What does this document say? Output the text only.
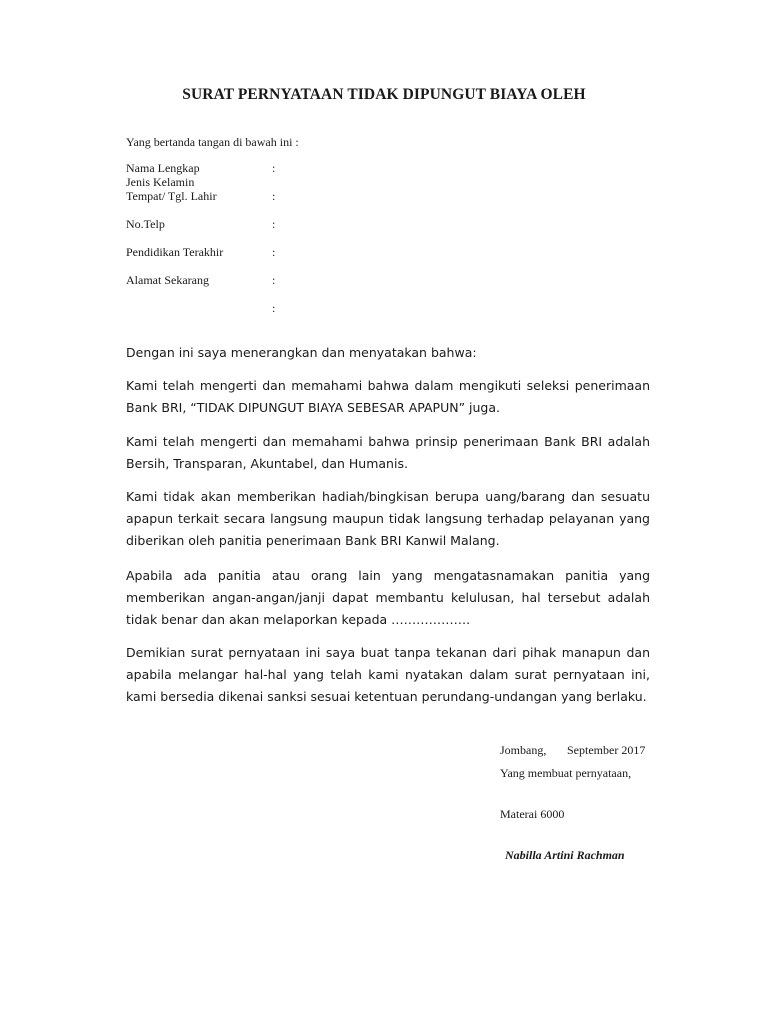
SURAT PERNYATAAN TIDAK DIPUNGUT BIAYA OLEH
Yang bertanda tangan di bawah ini :
Nama Lengkap	:
Jenis Kelamin
Tempat/ Tgl. Lahir	:
No.Telp	:
Pendidikan Terakhir	:
Alamat Sekarang	:
:
Dengan ini saya menerangkan dan menyatakan bahwa:
Kami telah mengerti dan memahami bahwa dalam mengikuti seleksi penerimaan Bank BRI, “TIDAK DIPUNGUT BIAYA SEBESAR APAPUN” juga.
Kami telah mengerti dan memahami bahwa prinsip penerimaan Bank BRI adalah Bersih, Transparan, Akuntabel, dan Humanis.
Kami tidak akan memberikan hadiah/bingkisan berupa uang/barang dan sesuatu apapun terkait secara langsung maupun tidak langsung terhadap pelayanan yang diberikan oleh panitia penerimaan Bank BRI Kanwil Malang.
Apabila ada panitia atau orang lain yang mengatasnamakan panitia yang memberikan angan-angan/janji dapat membantu kelulusan, hal tersebut adalah tidak benar dan akan melaporkan kepada ……………….
Demikian surat pernyataan ini saya buat tanpa tekanan dari pihak manapun dan apabila melangar hal-hal yang telah kami nyatakan dalam surat pernyataan ini, kami bersedia dikenai sanksi sesuai ketentuan perundang-undangan yang berlaku.
Jombang, September 2017
Yang membuat pernyataan,
Materai 6000
Nabilla Artini Rachman
